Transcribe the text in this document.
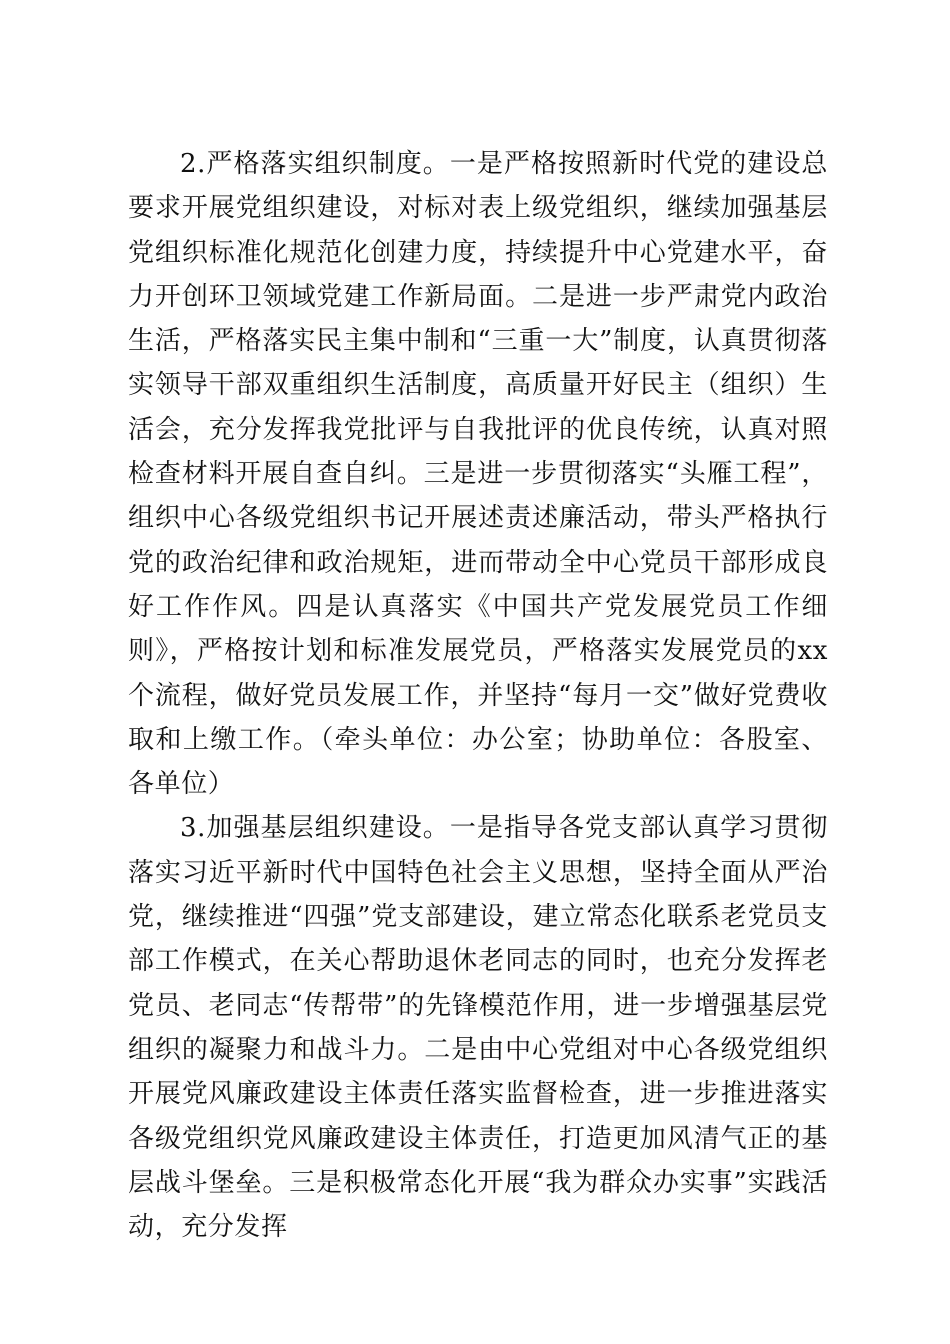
2.严格落实组织制度。一是严格按照新时代党的建设总要求开展党组织建设，对标对表上级党组织，继续加强基层党组织标准化规范化创建力度，持续提升中心党建水平，奋力开创环卫领域党建工作新局面。二是进一步严肃党内政治生活，严格落实民主集中制和“三重一大”制度，认真贯彻落实领导干部双重组织生活制度，高质量开好民主（组织）生活会，充分发挥我党批评与自我批评的优良传统，认真对照检查材料开展自查自纠。三是进一步贯彻落实“头雁工程”，组织中心各级党组织书记开展述责述廉活动，带头严格执行党的政治纪律和政治规矩，进而带动全中心党员干部形成良好工作作风。四是认真落实《中国共产党发展党员工作细则》，严格按计划和标准发展党员，严格落实发展党员的xx个流程，做好党员发展工作，并坚持“每月一交”做好党费收取和上缴工作。（牵头单位：办公室；协助单位：各股室、各单位）

3.加强基层组织建设。一是指导各党支部认真学习贯彻落实习近平新时代中国特色社会主义思想，坚持全面从严治党，继续推进“四强”党支部建设，建立常态化联系老党员支部工作模式，在关心帮助退休老同志的同时，也充分发挥老党员、老同志“传帮带”的先锋模范作用，进一步增强基层党组织的凝聚力和战斗力。二是由中心党组对中心各级党组织开展党风廉政建设主体责任落实监督检查，进一步推进落实各级党组织党风廉政建设主体责任，打造更加风清气正的基层战斗堡垒。三是积极常态化开展“我为群众办实事”实践活动，充分发挥
